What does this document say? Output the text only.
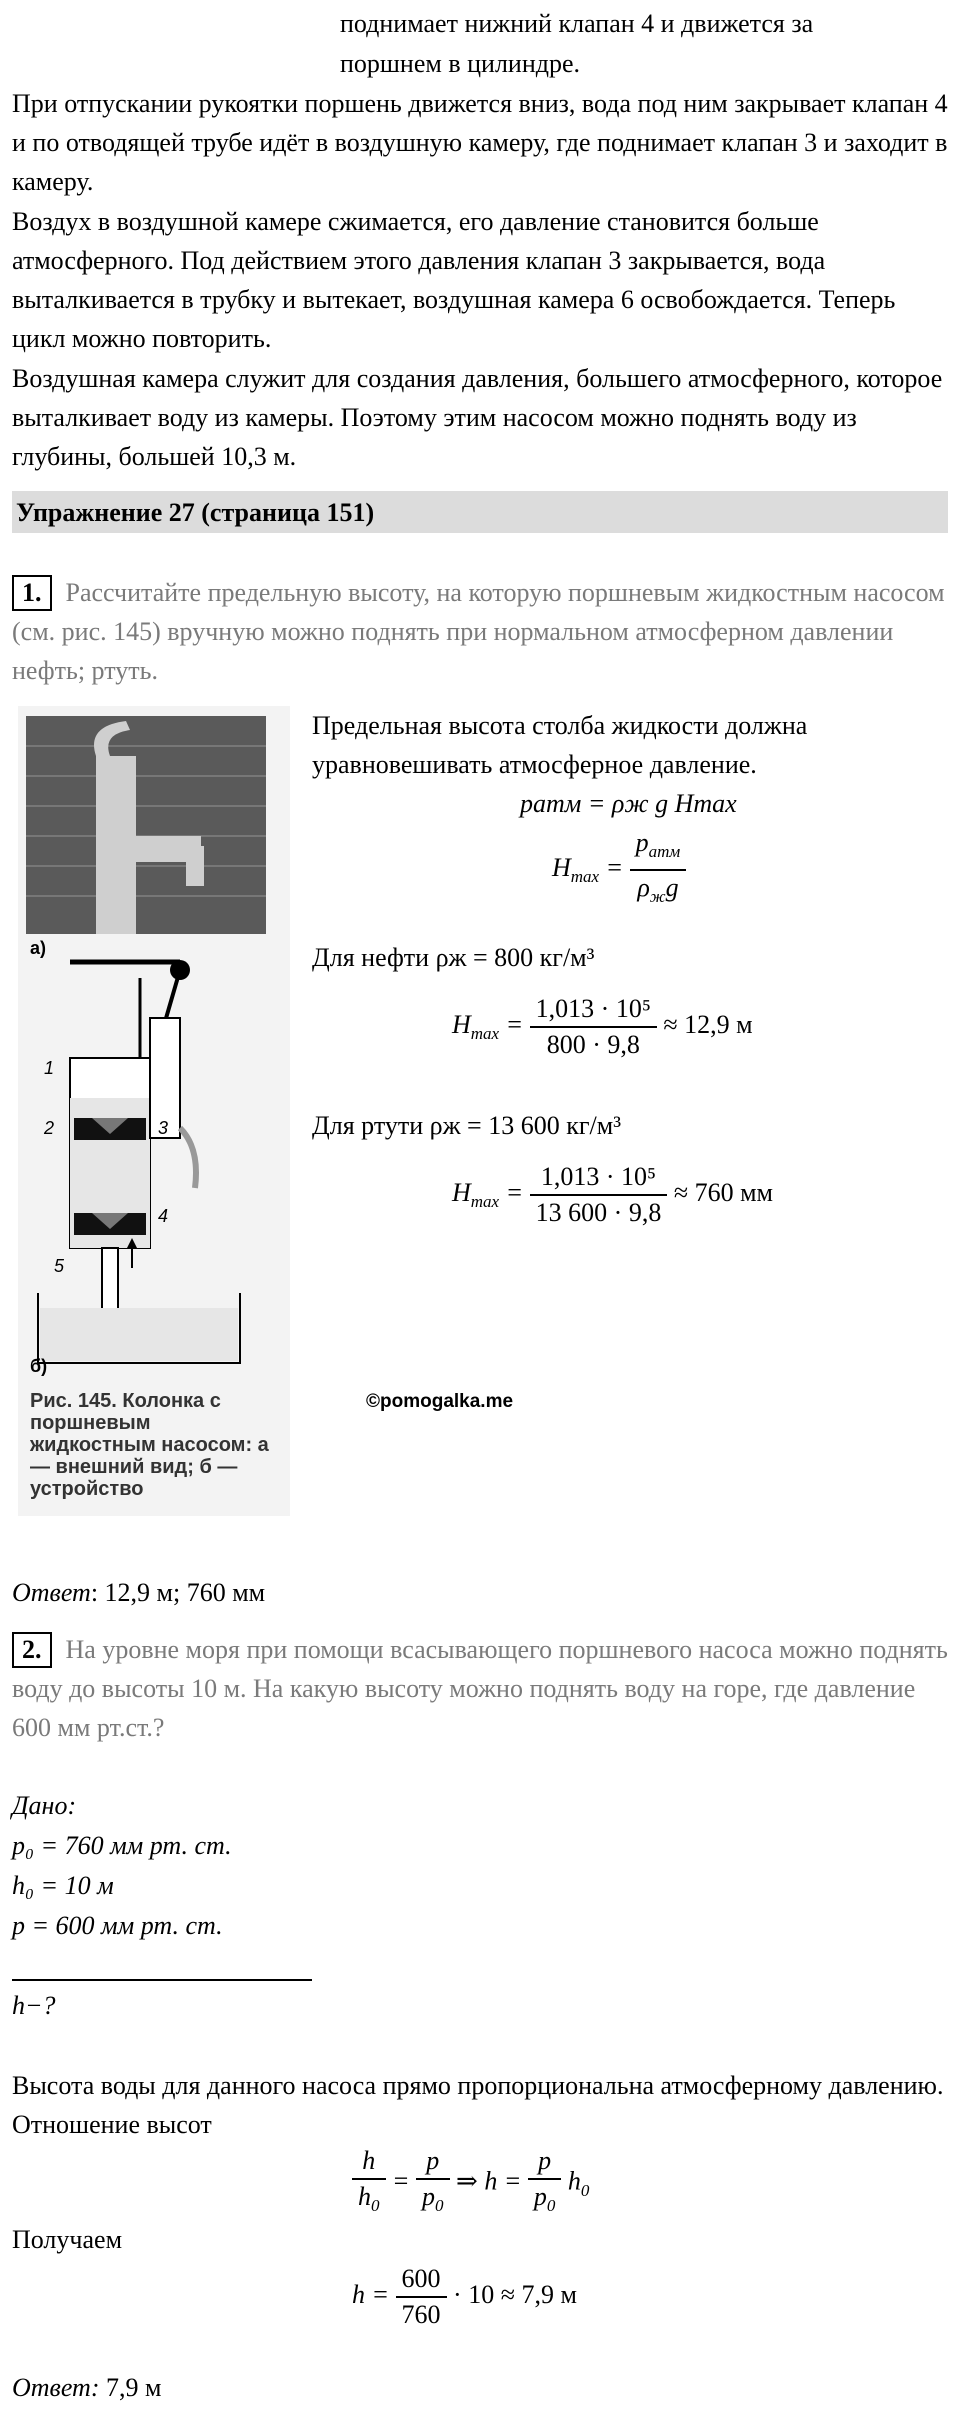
поднимает нижний клапан 4 и движется за

поршнем в цилиндре.

При отпускании рукоятки поршень движется вниз, вода под ним закрывает клапан 4 и по отводящей трубе идёт в воздушную камеру, где поднимает клапан 3 и заходит в камеру.

Воздух в воздушной камере сжимается, его давление становится больше атмосферного. Под действием этого давления клапан 3 закрывается, вода выталкивается в трубку и вытекает, воздушная камера 6 освобождается. Теперь цикл можно повторить.

Воздушная камера служит для создания давления, большего атмосферного, которое выталкивает воду из камеры. Поэтому этим насосом можно поднять воду из глубины, большей 10,3 м.

Упражнение 27 (страница 151)

1. Рассчитайте предельную высоту, на которую поршневым жидкостным насосом (см. рис. 145) вручную можно поднять при нормальном атмосферном давлении нефть; ртуть.

а)
1
2	3
4
5
б)
Рис. 145. Колонка с поршневым жидкостным насосом: а — внешний вид; б — устройство

Предельная высота столба жидкости должна уравновешивать атмосферное давление.

pатм = ρж g Hmax
$H_{max} = \frac{p_{атм}}{\rho_жg}$
Для нефти ρж = 800 кг/м³
$H_{max} = \frac{\text{1,013 · 10⁵}}{800 \cdot 9,8} \approx 12,9$ м
Для ртути ρж = 13 600 кг/м³
$H_{max} = \frac{\text{1,013 · 10⁵}}{13 600 \cdot 9,8} \approx 760$ мм
©pomogalka.me

Ответ: 12,9 м; 760 мм

2. На уровне моря при помощи всасывающего поршневого насоса можно поднять воду до высоты 10 м. На какую высоту можно поднять воду на горе, где давление 600 мм рт.ст.?

Дано:

p₀ = 760 мм рт. ст.

h₀ = 10 м

p = 600 мм рт. ст.

h−?

Высота воды для данного насоса прямо пропорциональна атмосферному давлению. Отношение высот

$\frac{h}{h_0} = \frac{p}{p_0}$ ⇒ $h = \frac{p}{p_0} h_0$

Получаем

$h = \frac{600}{760} \cdot 10 \approx 7,9$ м

Ответ: 7,9 м
